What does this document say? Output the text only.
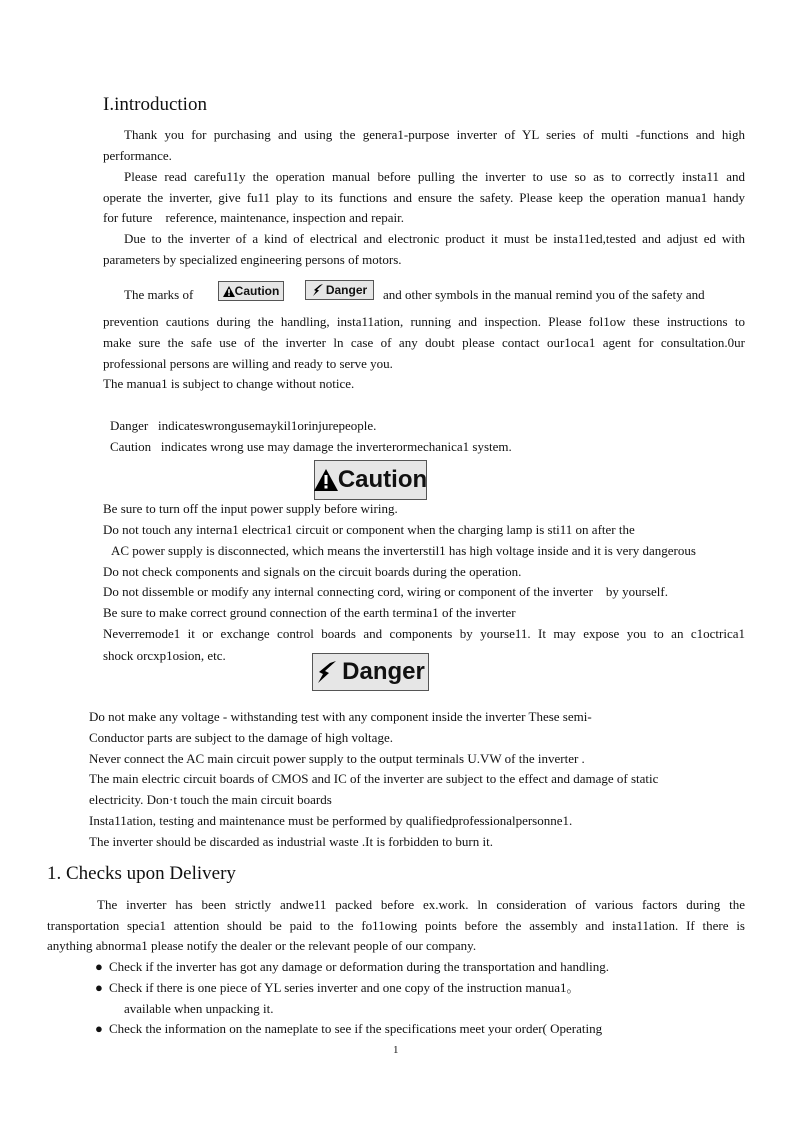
I.introduction
Thank you for purchasing and using the genera1-purpose inverter of YL series of multi -functions and high
performance.
Please read carefu11y the operation manual before pulling the inverter to use so as to correctly insta11 and
operate the inverter, give fu11 play to its functions and ensure the safety. Please keep the operation manua1 handy
for future    reference, maintenance, inspection and repair.
Due to the inverter of a kind of electrical and electronic product it must be insta11ed,tested and adjust ed with
parameters by specialized engineering persons of motors.
The marks of	Caution	Danger and other symbols in the manual remind you of the safety and
prevention cautions during the handling, insta11ation, running and inspection. Please fol1ow these instructions to
make sure the safe use of the inverter ln case of any doubt please contact our1oca1 agent for consultation.0ur
professional persons are willing and ready to serve you.
The manua1 is subject to change without notice.
Danger   indicateswrongusemaykil1orinjurepeople.
Caution   indicates wrong use may damage the inverterormechanica1 system.
Caution
Be sure to turn off the input power supply before wiring.
Do not touch any interna1 electrica1 circuit or component when the charging lamp is sti11 on after the
AC power supply is disconnected, which means the inverterstil1 has high voltage inside and it is very dangerous
Do not check components and signals on the circuit boards during the operation.
Do not dissemble or modify any internal connecting cord, wiring or component of the inverter    by yourself.
Be sure to make correct ground connection of the earth termina1 of the inverter
Neverremode1 it or exchange control boards and components by yourse11. It may expose you to an c1octrica1
shock orcxp1osion, etc.
Danger
Do not make any voltage - withstanding test with any component inside the inverter These semi-
Conductor parts are subject to the damage of high voltage.
Never connect the AC main circuit power supply to the output terminals U.VW of the inverter .
The main electric circuit boards of CMOS and IC of the inverter are subject to the effect and damage of static
electricity. Don·t touch the main circuit boards
Insta11ation, testing and maintenance must be performed by qualifiedprofessionalpersonne1.
The inverter should be discarded as industrial waste .It is forbidden to burn it.
1. Checks upon Delivery
The inverter has been strictly andwe11 packed before ex.work. ln consideration of various factors during the
transportation specia1 attention should be paid to the fo11owing points before the assembly and insta11ation. If there is
anything abnorma1 please notify the dealer or the relevant people of our company.
● Check if the inverter has got any damage or deformation during the transportation and handling.
● Check if there is one piece of YL series inverter and one copy of the instruction manua1。
available when unpacking it.
● Check the information on the nameplate to see if the specifications meet your order( Operating
1
